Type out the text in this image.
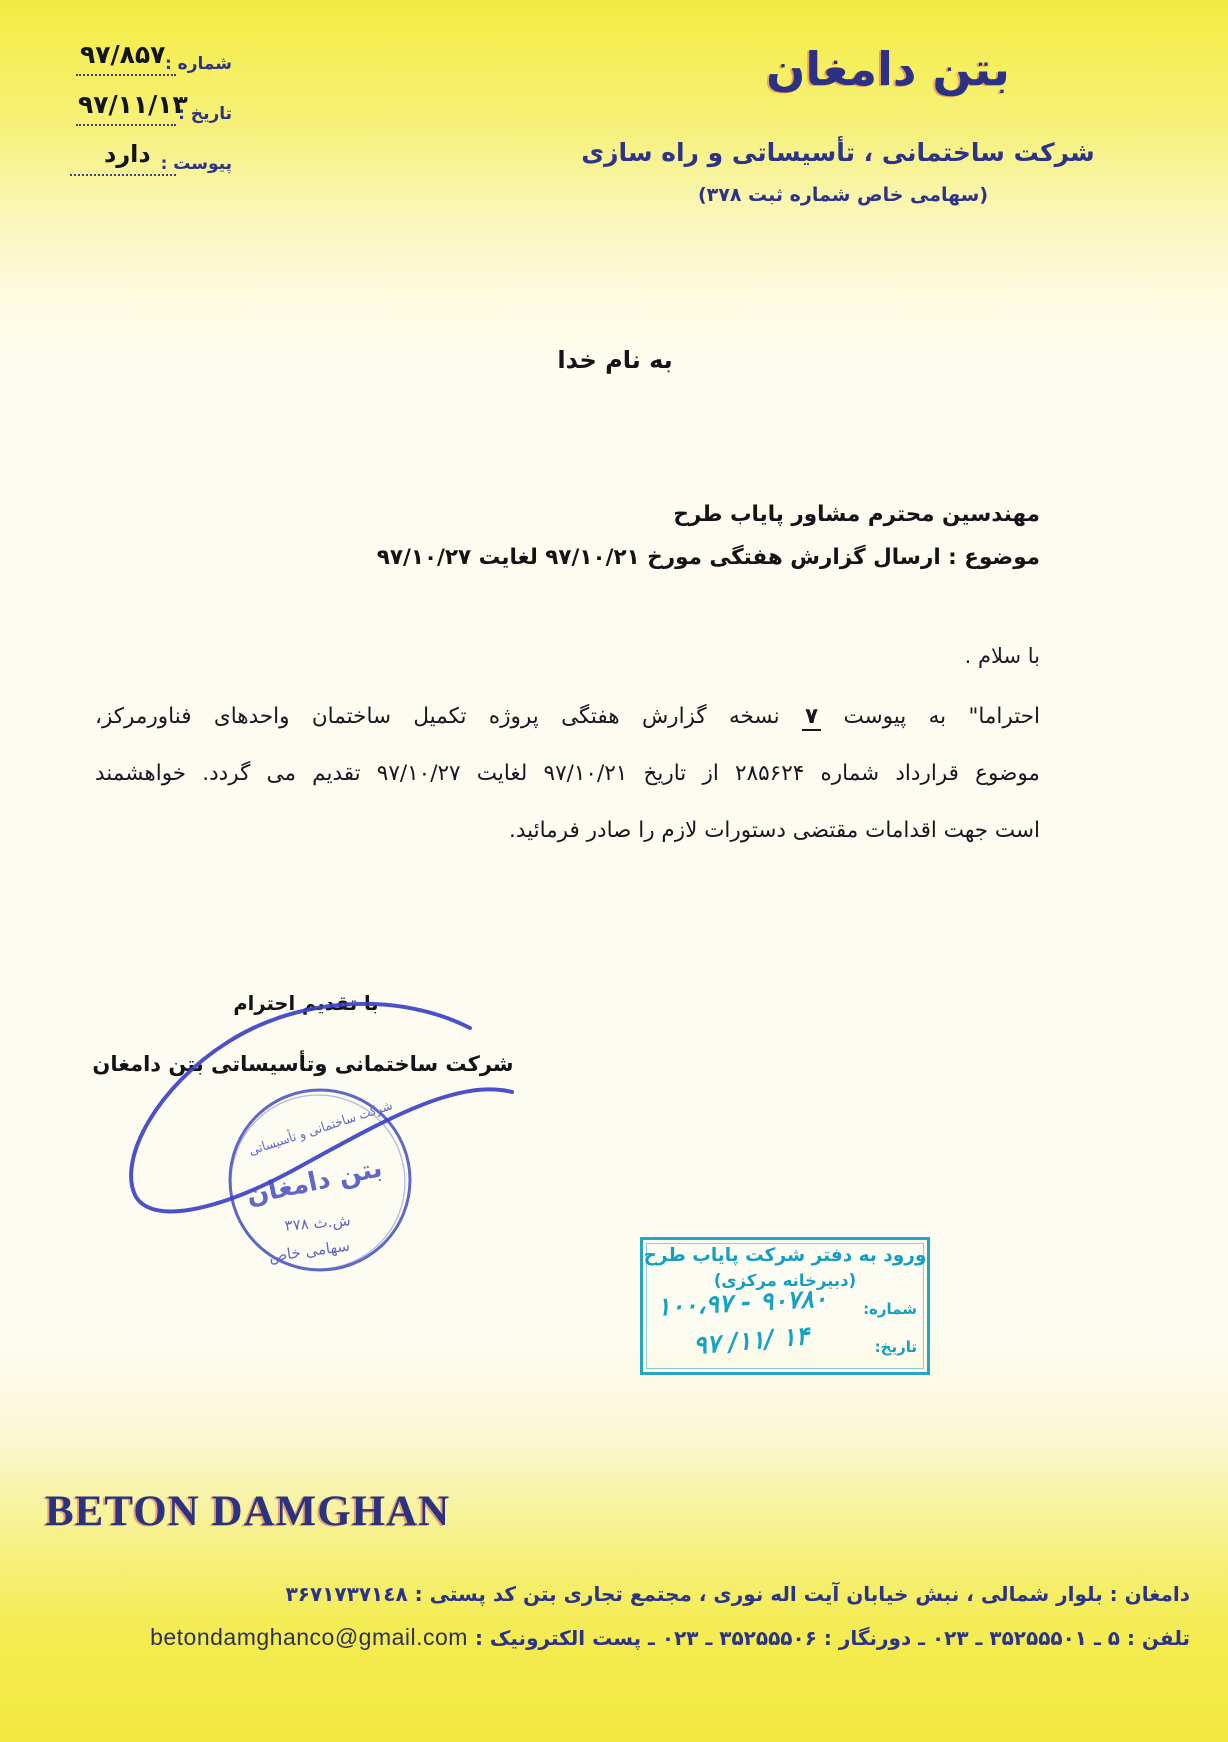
شماره :
۹۷/۸۵۷
تاریخ :
۹۷/۱۱/۱۳
پیوست :
دارد
بتن دامغان
شرکت ساختمانی ، تأسیساتی و راه سازی
(سهامی خاص شماره ثبت ۳۷۸)
به نام خدا
مهندسین محترم مشاور پایاب طرح
موضوع : ارسال گزارش هفتگی مورخ ۹۷/۱۰/۲۱ لغایت ۹۷/۱۰/۲۷
با سلام .
احتراما" به پیوست ۷ نسخه گزارش هفتگی پروژه تکمیل ساختمان واحدهای فناورمرکز،
موضوع قرارداد شماره ۲۸۵۶۲۴ از تاریخ ۹۷/۱۰/۲۱ لغایت ۹۷/۱۰/۲۷ تقدیم می گردد. خواهشمند
است جهت اقدامات مقتضی دستورات لازم را صادر فرمائید.
با تقدیم احترام
شرکت ساختمانی وتأسیساتی بتن دامغان
شرکت ساختمانی و تأسیساتی
بتن دامغان
ش.ث ۳۷۸
سهامی خاص	ورود به دفتر شرکت پایاب طرح
(دبیرخانه مرکزی)
شماره:
۱۰۰،۹۷ - ۹۰۷۸۰
تاریخ:
۹۷ /۱۱/ ۱۴
BETON DAMGHAN
دامغان : بلوار شمالی ، نبش خیابان آیت اله نوری ، مجتمع تجاری بتن کد پستی : ۳۶۷۱۷۳۷۱٤۸
تلفن : ۵ ـ ۳۵۲۵۵۵۰۱ ـ ۰۲۳ ـ دورنگار : ۳۵۲۵۵۵۰۶ ـ ۰۲۳ ـ پست الکترونیک : betondamghanco@gmail.com
